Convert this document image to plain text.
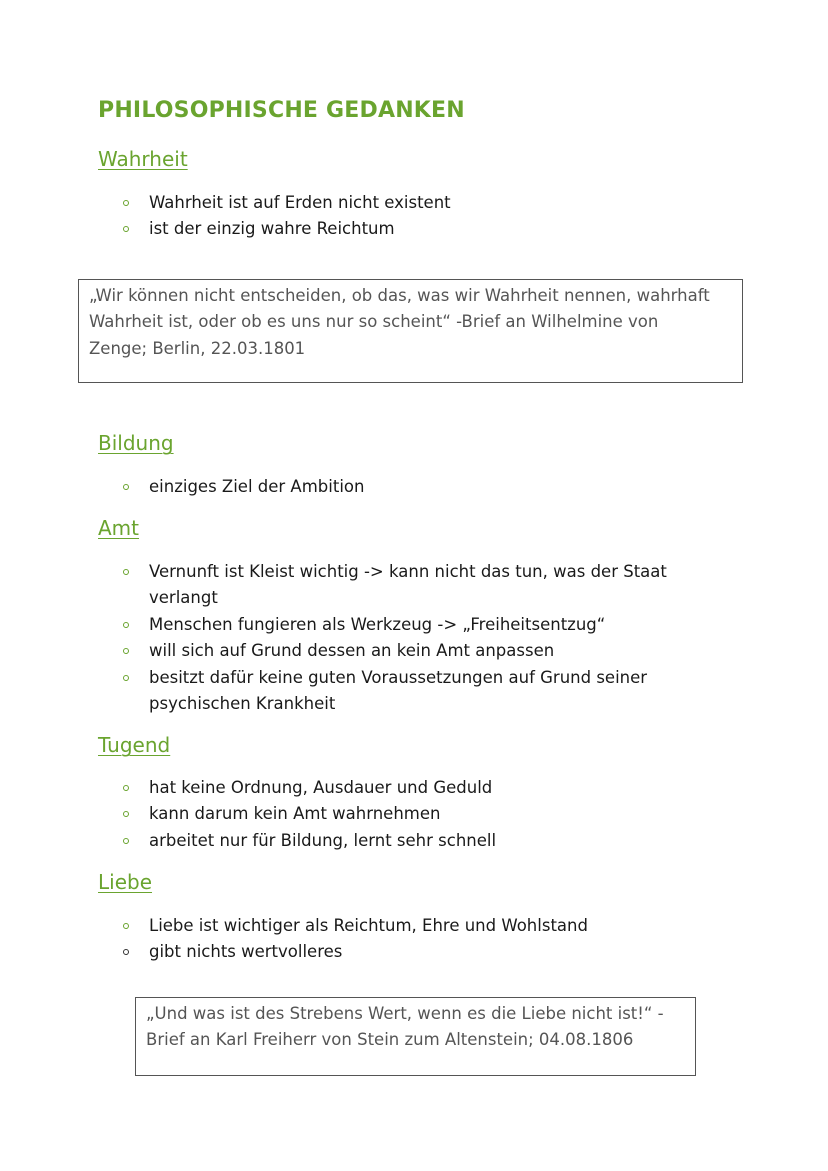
PHILOSOPHISCHE GEDANKEN
Wahrheit
Wahrheit ist auf Erden nicht existent
ist der einzig wahre Reichtum
„Wir können nicht entscheiden, ob das, was wir Wahrheit nennen, wahrhaft
Wahrheit ist, oder ob es uns nur so scheint“ -Brief an Wilhelmine von
Zenge; Berlin, 22.03.1801
Bildung
einziges Ziel der Ambition
Amt
Vernunft ist Kleist wichtig -> kann nicht das tun, was der Staat
verlangt
Menschen fungieren als Werkzeug -> „Freiheitsentzug“
will sich auf Grund dessen an kein Amt anpassen
besitzt dafür keine guten Voraussetzungen auf Grund seiner
psychischen Krankheit
Tugend
hat keine Ordnung, Ausdauer und Geduld
kann darum kein Amt wahrnehmen
arbeitet nur für Bildung, lernt sehr schnell
Liebe
Liebe ist wichtiger als Reichtum, Ehre und Wohlstand
gibt nichts wertvolleres
„Und was ist des Strebens Wert, wenn es die Liebe nicht ist!“ -
Brief an Karl Freiherr von Stein zum Altenstein; 04.08.1806
